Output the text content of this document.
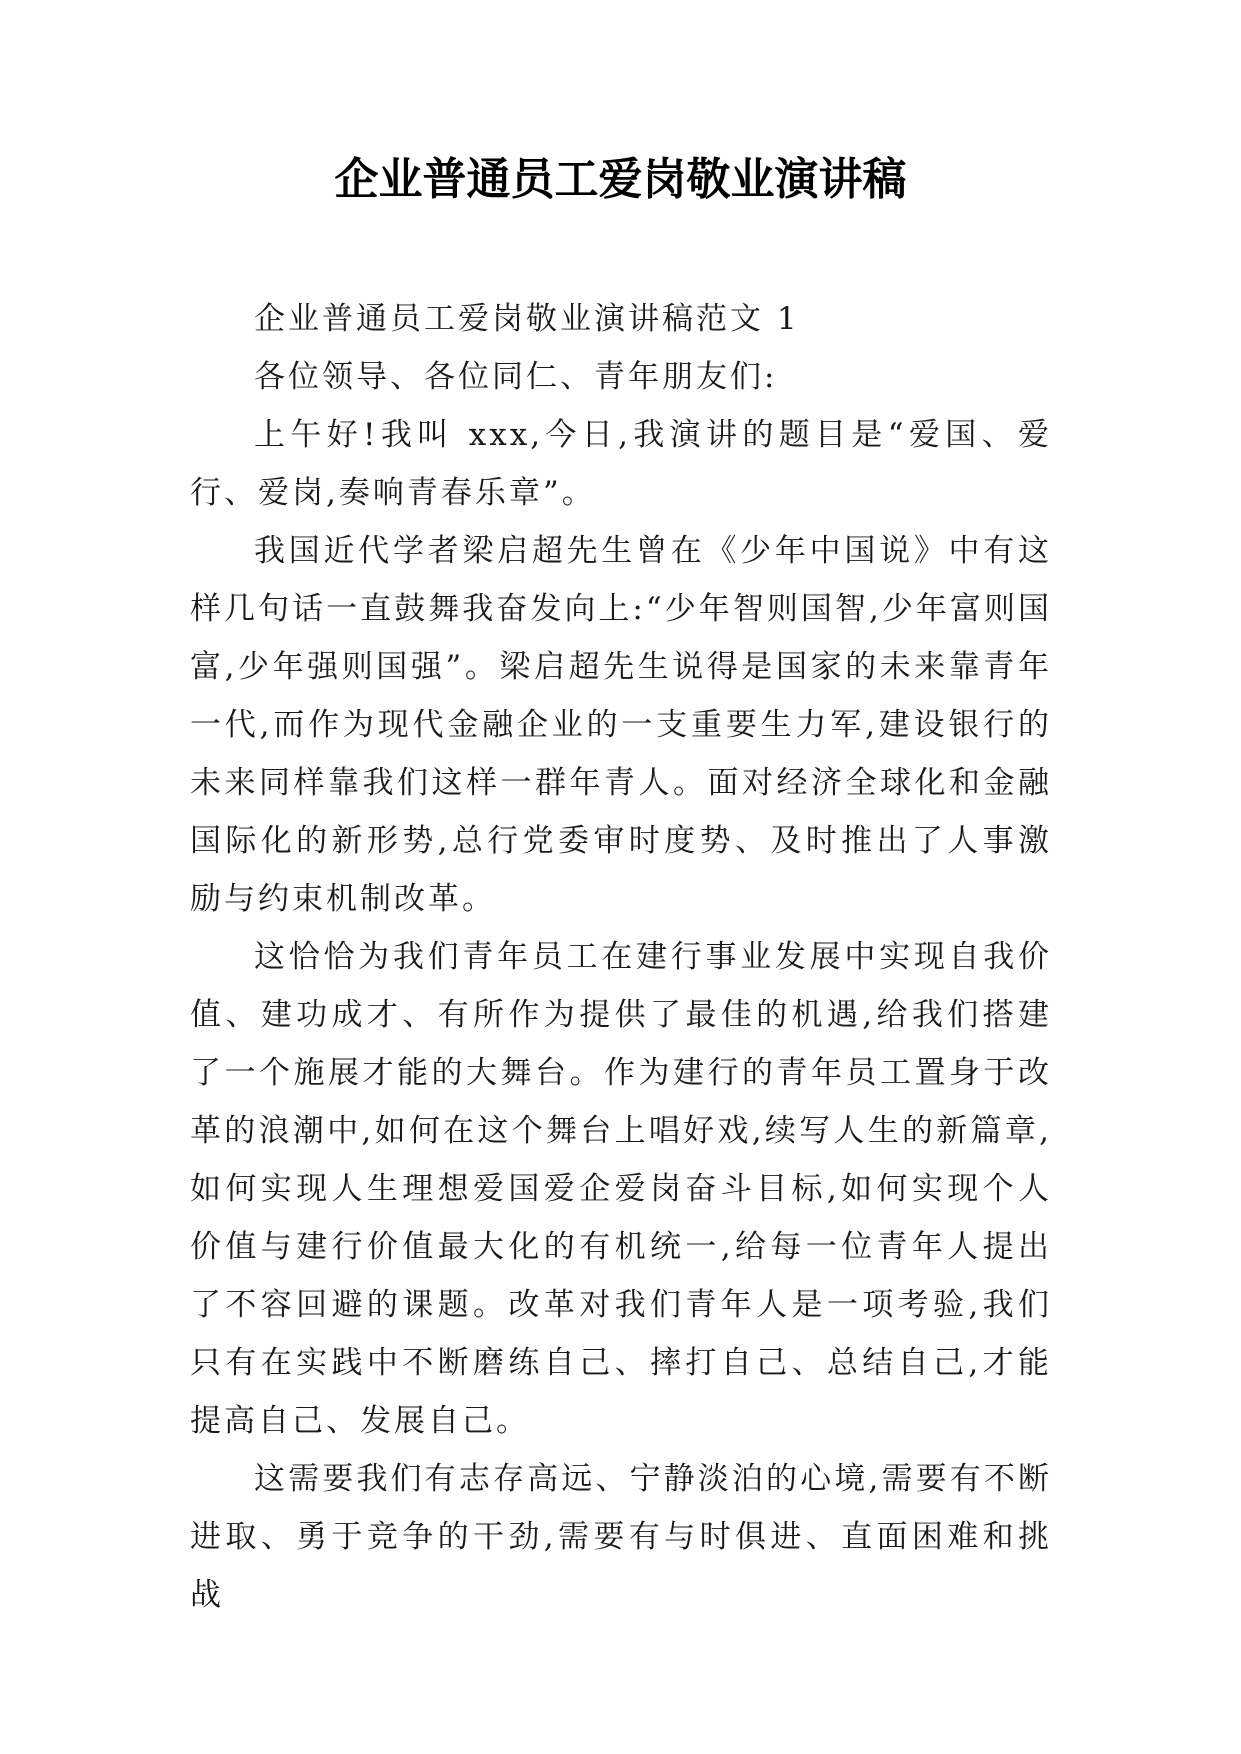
企业普通员工爱岗敬业演讲稿

企业普通员工爱岗敬业演讲稿范文 1

各位领导、各位同仁、青年朋友们:

上午好!我叫 xxx,今日,我演讲的题目是“爱国、爱行、爱岗,奏响青春乐章”。

我国近代学者梁启超先生曾在《少年中国说》中有这样几句话一直鼓舞我奋发向上:“少年智则国智,少年富则国富,少年强则国强”。梁启超先生说得是国家的未来靠青年一代,而作为现代金融企业的一支重要生力军,建设银行的未来同样靠我们这样一群年青人。面对经济全球化和金融国际化的新形势,总行党委审时度势、及时推出了人事激励与约束机制改革。

这恰恰为我们青年员工在建行事业发展中实现自我价值、建功成才、有所作为提供了最佳的机遇,给我们搭建了一个施展才能的大舞台。作为建行的青年员工置身于改革的浪潮中,如何在这个舞台上唱好戏,续写人生的新篇章,如何实现人生理想爱国爱企爱岗奋斗目标,如何实现个人价值与建行价值最大化的有机统一,给每一位青年人提出了不容回避的课题。改革对我们青年人是一项考验,我们只有在实践中不断磨练自己、摔打自己、总结自己,才能提高自己、发展自己。

这需要我们有志存高远、宁静淡泊的心境,需要有不断进取、勇于竞争的干劲,需要有与时俱进、直面困难和挑战
